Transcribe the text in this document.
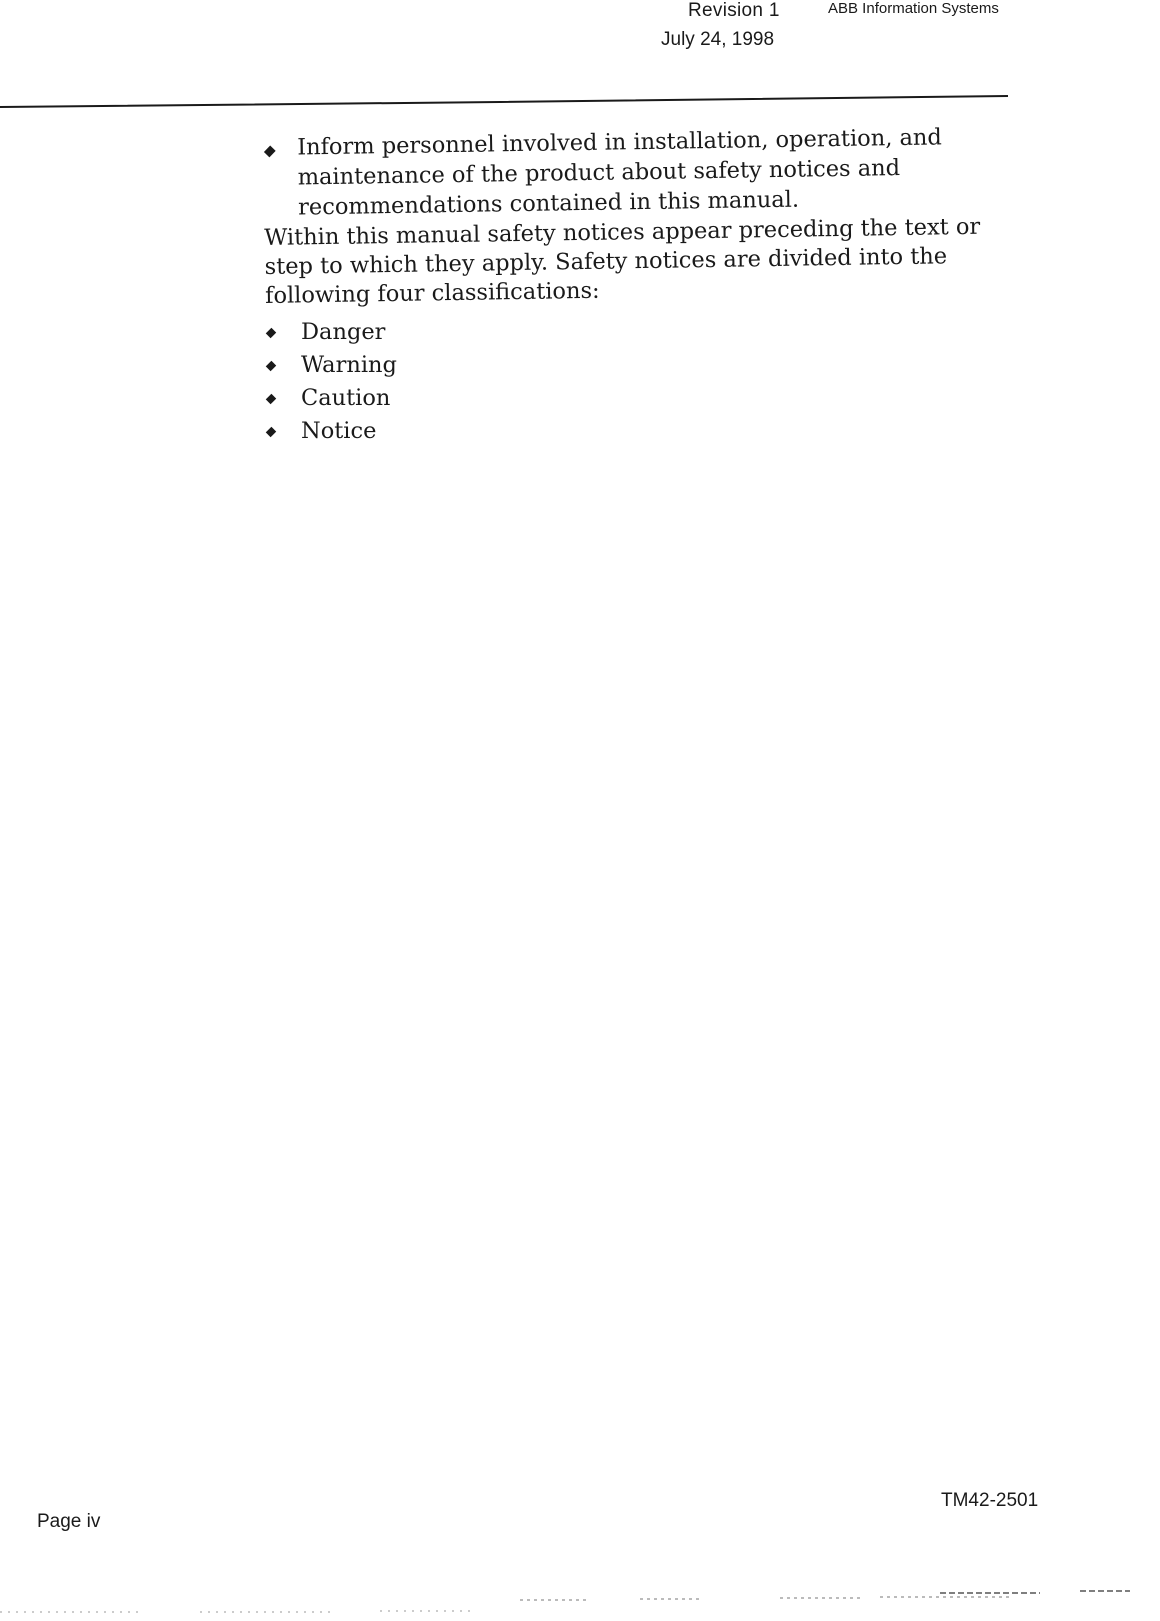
Revision 1	ABB Information Systems
July 24, 1998
Inform personnel involved in installation, operation, and maintenance of the product about safety notices and recommendations contained in this manual.
Within this manual safety notices appear preceding the text or step to which they apply. Safety notices are divided into the following four classifications:
Danger
Warning
Caution
Notice
Page iv
TM42-2501
